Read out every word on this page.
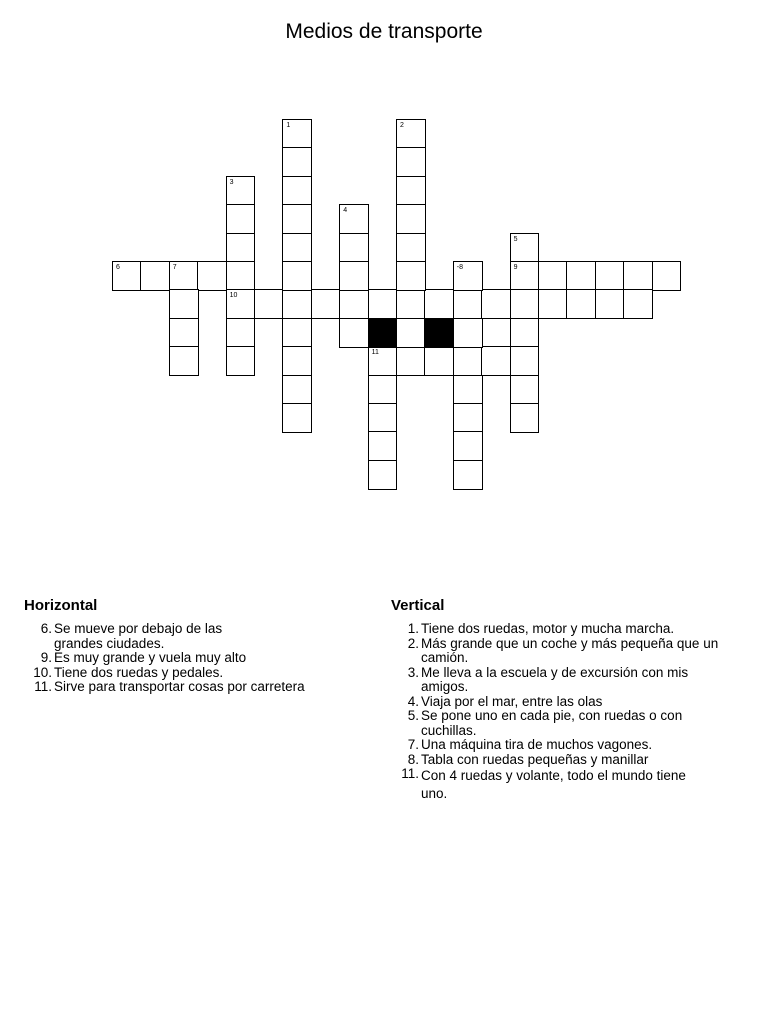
Medios de transporte
6	7	9
10
11
1	2
3
4
5
-8
Horizontal
6. Se mueve por debajo de las grandes ciudades.
9. Es muy grande y vuela muy alto
10. Tiene dos ruedas y pedales.
11. Sirve para transportar cosas por carretera
Vertical
1. Tiene dos ruedas, motor y mucha marcha.
2. Más grande que un coche y más pequeña que un camión.
3. Me lleva a la escuela y de excursión con mis amigos.
4. Viaja por el mar, entre las olas
5. Se pone uno en cada pie, con ruedas o con cuchillas.
7. Una máquina tira de muchos vagones.
8. Tabla con ruedas pequeñas y manillar
11. Con 4 ruedas y volante, todo el mundo tiene uno.
